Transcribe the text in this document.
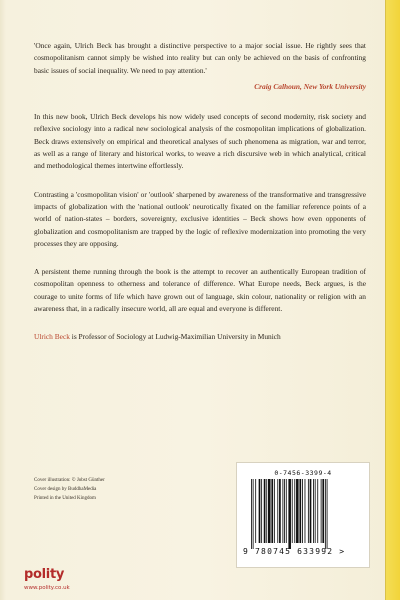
'Once again, Ulrich Beck has brought a distinctive perspective to a major social issue. He rightly sees that cosmopolitanism cannot simply be wished into reality but can only be achieved on the basis of confronting basic issues of social inequality. We need to pay attention.'

Craig Calhoun, New York University

In this new book, Ulrich Beck develops his now widely used concepts of second modernity, risk society and reflexive sociology into a radical new sociological analysis of the cosmopolitan implications of globalization. Beck draws extensively on empirical and theoretical analyses of such phenomena as migration, war and terror, as well as a range of literary and historical works, to weave a rich discursive web in which analytical, critical and methodological themes intertwine effortlessly.

Contrasting a 'cosmopolitan vision' or 'outlook' sharpened by awareness of the transformative and transgressive impacts of globalization with the 'national outlook' neurotically fixated on the familiar reference points of a world of nation-states – borders, sovereignty, exclusive identities – Beck shows how even opponents of globalization and cosmopolitanism are trapped by the logic of reflexive modernization into promoting the very processes they are opposing.

A persistent theme running through the book is the attempt to recover an authentically European tradition of cosmopolitan openness to otherness and tolerance of difference. What Europe needs, Beck argues, is the courage to unite forms of life which have grown out of language, skin colour, nationality or religion with an awareness that, in a radically insecure world, all are equal and everyone is different.

Ulrich Beck is Professor of Sociology at Ludwig-Maximilian University in Munich

Cover illustration: © Jobst Günther
Cover design by BuddhaMedia
Printed in the United Kingdom
0-7456-3399-4
9 780745 633992 >
polity
www.polity.co.uk
